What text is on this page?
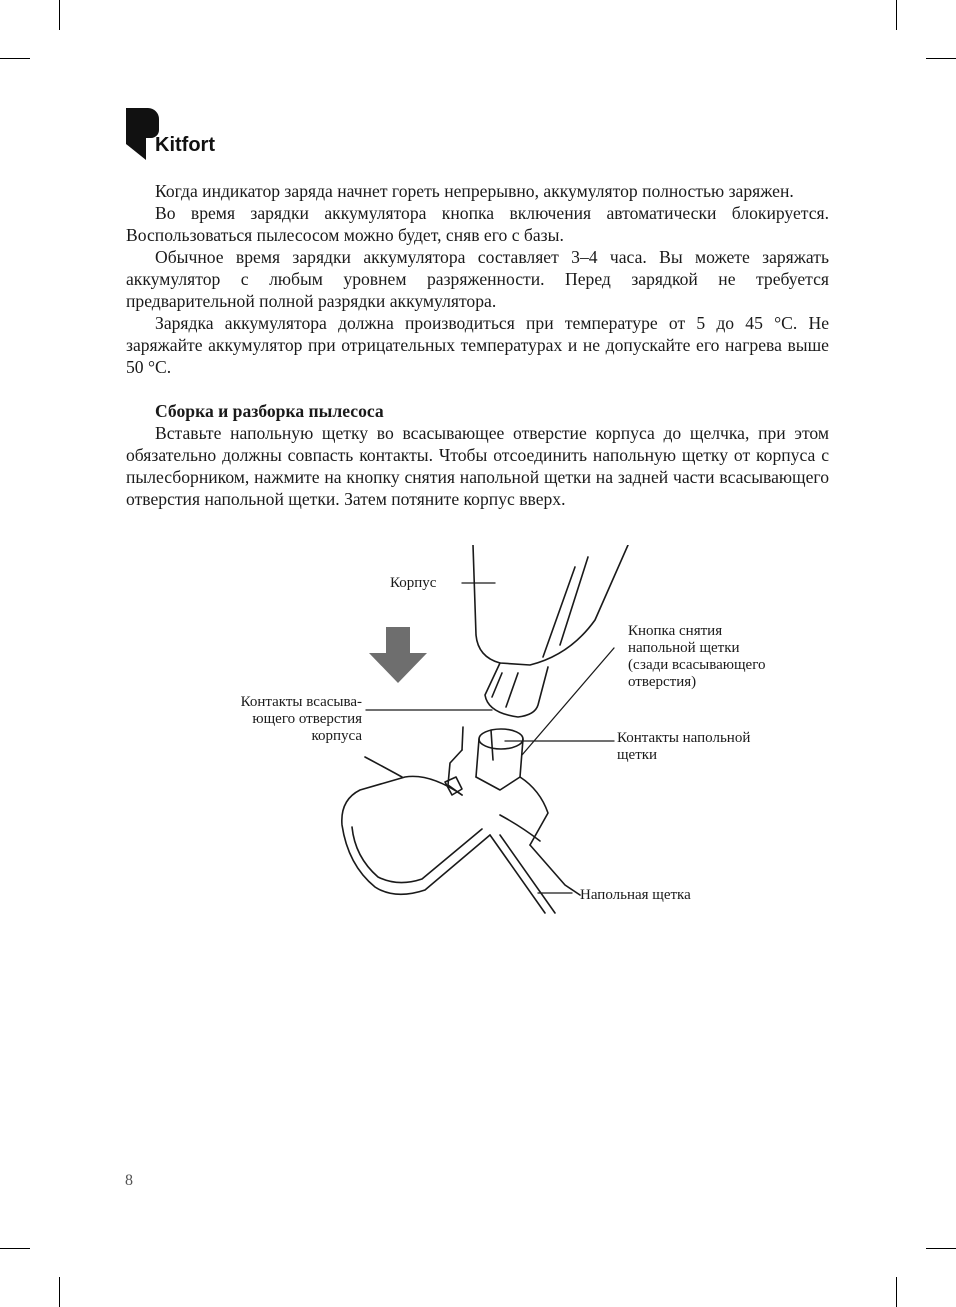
Kitfort

Когда индикатор заряда начнет гореть непрерывно, аккумулятор полностью заряжен.

Во время зарядки аккумулятора кнопка включения автоматически блокируется. Воспользоваться пылесосом можно будет, сняв его с базы.

Обычное время зарядки аккумулятора составляет 3–4 часа. Вы можете заряжать аккумулятор с любым уровнем разряженности. Перед зарядкой не требуется предварительной полной разрядки аккумулятора.

Зарядка аккумулятора должна производиться при температуре от 5 до 45 °С. Не заряжайте аккумулятор при отрицательных температурах и не допускайте его нагрева выше 50 °С.

Сборка и разборка пылесоса

Вставьте напольную щетку во всасывающее отверстие корпуса до щелчка, при этом обязательно должны совпасть контакты. Чтобы отсоединить напольную щетку от корпуса с пылесборником, нажмите на кнопку снятия напольной щетки на задней части всасывающего отверстия напольной щетки. Затем потяните корпус вверх.

Корпус
Кнопка снятия
напольной щетки
(сзади всасывающего
отверстия)
Контакты всасыва-
ющего отверстия
корпуса	Контакты напольной
щетки
Напольная щетка
8
